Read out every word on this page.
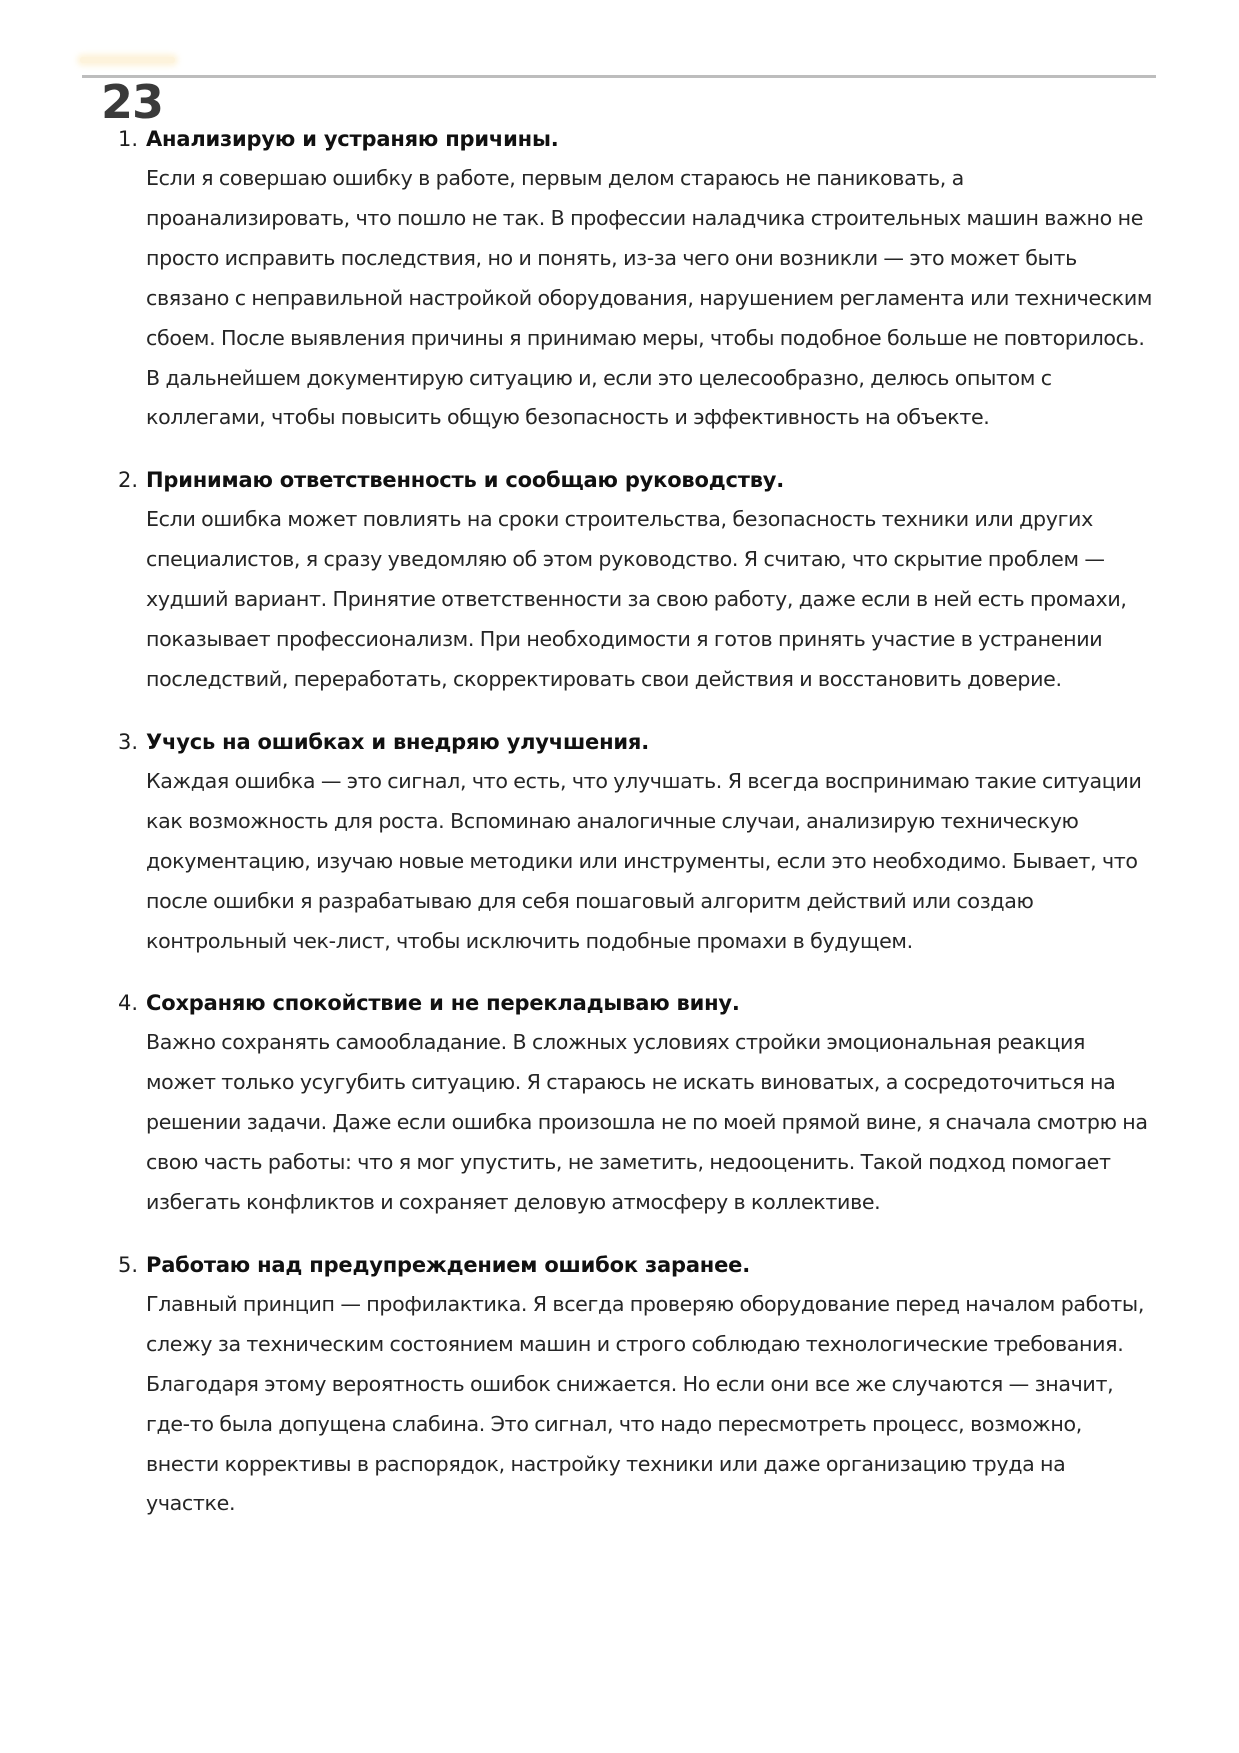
23
1. Анализирую и устраняю причины.
Если я совершаю ошибку в работе, первым делом стараюсь не паниковать, а проанализировать, что пошло не так. В профессии наладчика строительных машин важно не просто исправить последствия, но и понять, из-за чего они возникли — это может быть связано с неправильной настройкой оборудования, нарушением регламента или техническим сбоем. После выявления причины я принимаю меры, чтобы подобное больше не повторилось. В дальнейшем документирую ситуацию и, если это целесообразно, делюсь опытом с коллегами, чтобы повысить общую безопасность и эффективность на объекте.
2. Принимаю ответственность и сообщаю руководству.
Если ошибка может повлиять на сроки строительства, безопасность техники или других специалистов, я сразу уведомляю об этом руководство. Я считаю, что скрытие проблем — худший вариант. Принятие ответственности за свою работу, даже если в ней есть промахи, показывает профессионализм. При необходимости я готов принять участие в устранении последствий, переработать, скорректировать свои действия и восстановить доверие.
3. Учусь на ошибках и внедряю улучшения.
Каждая ошибка — это сигнал, что есть, что улучшать. Я всегда воспринимаю такие ситуации как возможность для роста. Вспоминаю аналогичные случаи, анализирую техническую документацию, изучаю новые методики или инструменты, если это необходимо. Бывает, что после ошибки я разрабатываю для себя пошаговый алгоритм действий или создаю контрольный чек-лист, чтобы исключить подобные промахи в будущем.
4. Сохраняю спокойствие и не перекладываю вину.
Важно сохранять самообладание. В сложных условиях стройки эмоциональная реакция может только усугубить ситуацию. Я стараюсь не искать виноватых, а сосредоточиться на решении задачи. Даже если ошибка произошла не по моей прямой вине, я сначала смотрю на свою часть работы: что я мог упустить, не заметить, недооценить. Такой подход помогает избегать конфликтов и сохраняет деловую атмосферу в коллективе.
5. Работаю над предупреждением ошибок заранее.
Главный принцип — профилактика. Я всегда проверяю оборудование перед началом работы, слежу за техническим состоянием машин и строго соблюдаю технологические требования. Благодаря этому вероятность ошибок снижается. Но если они все же случаются — значит, где-то была допущена слабина. Это сигнал, что надо пересмотреть процесс, возможно, внести коррективы в распорядок, настройку техники или даже организацию труда на участке.
